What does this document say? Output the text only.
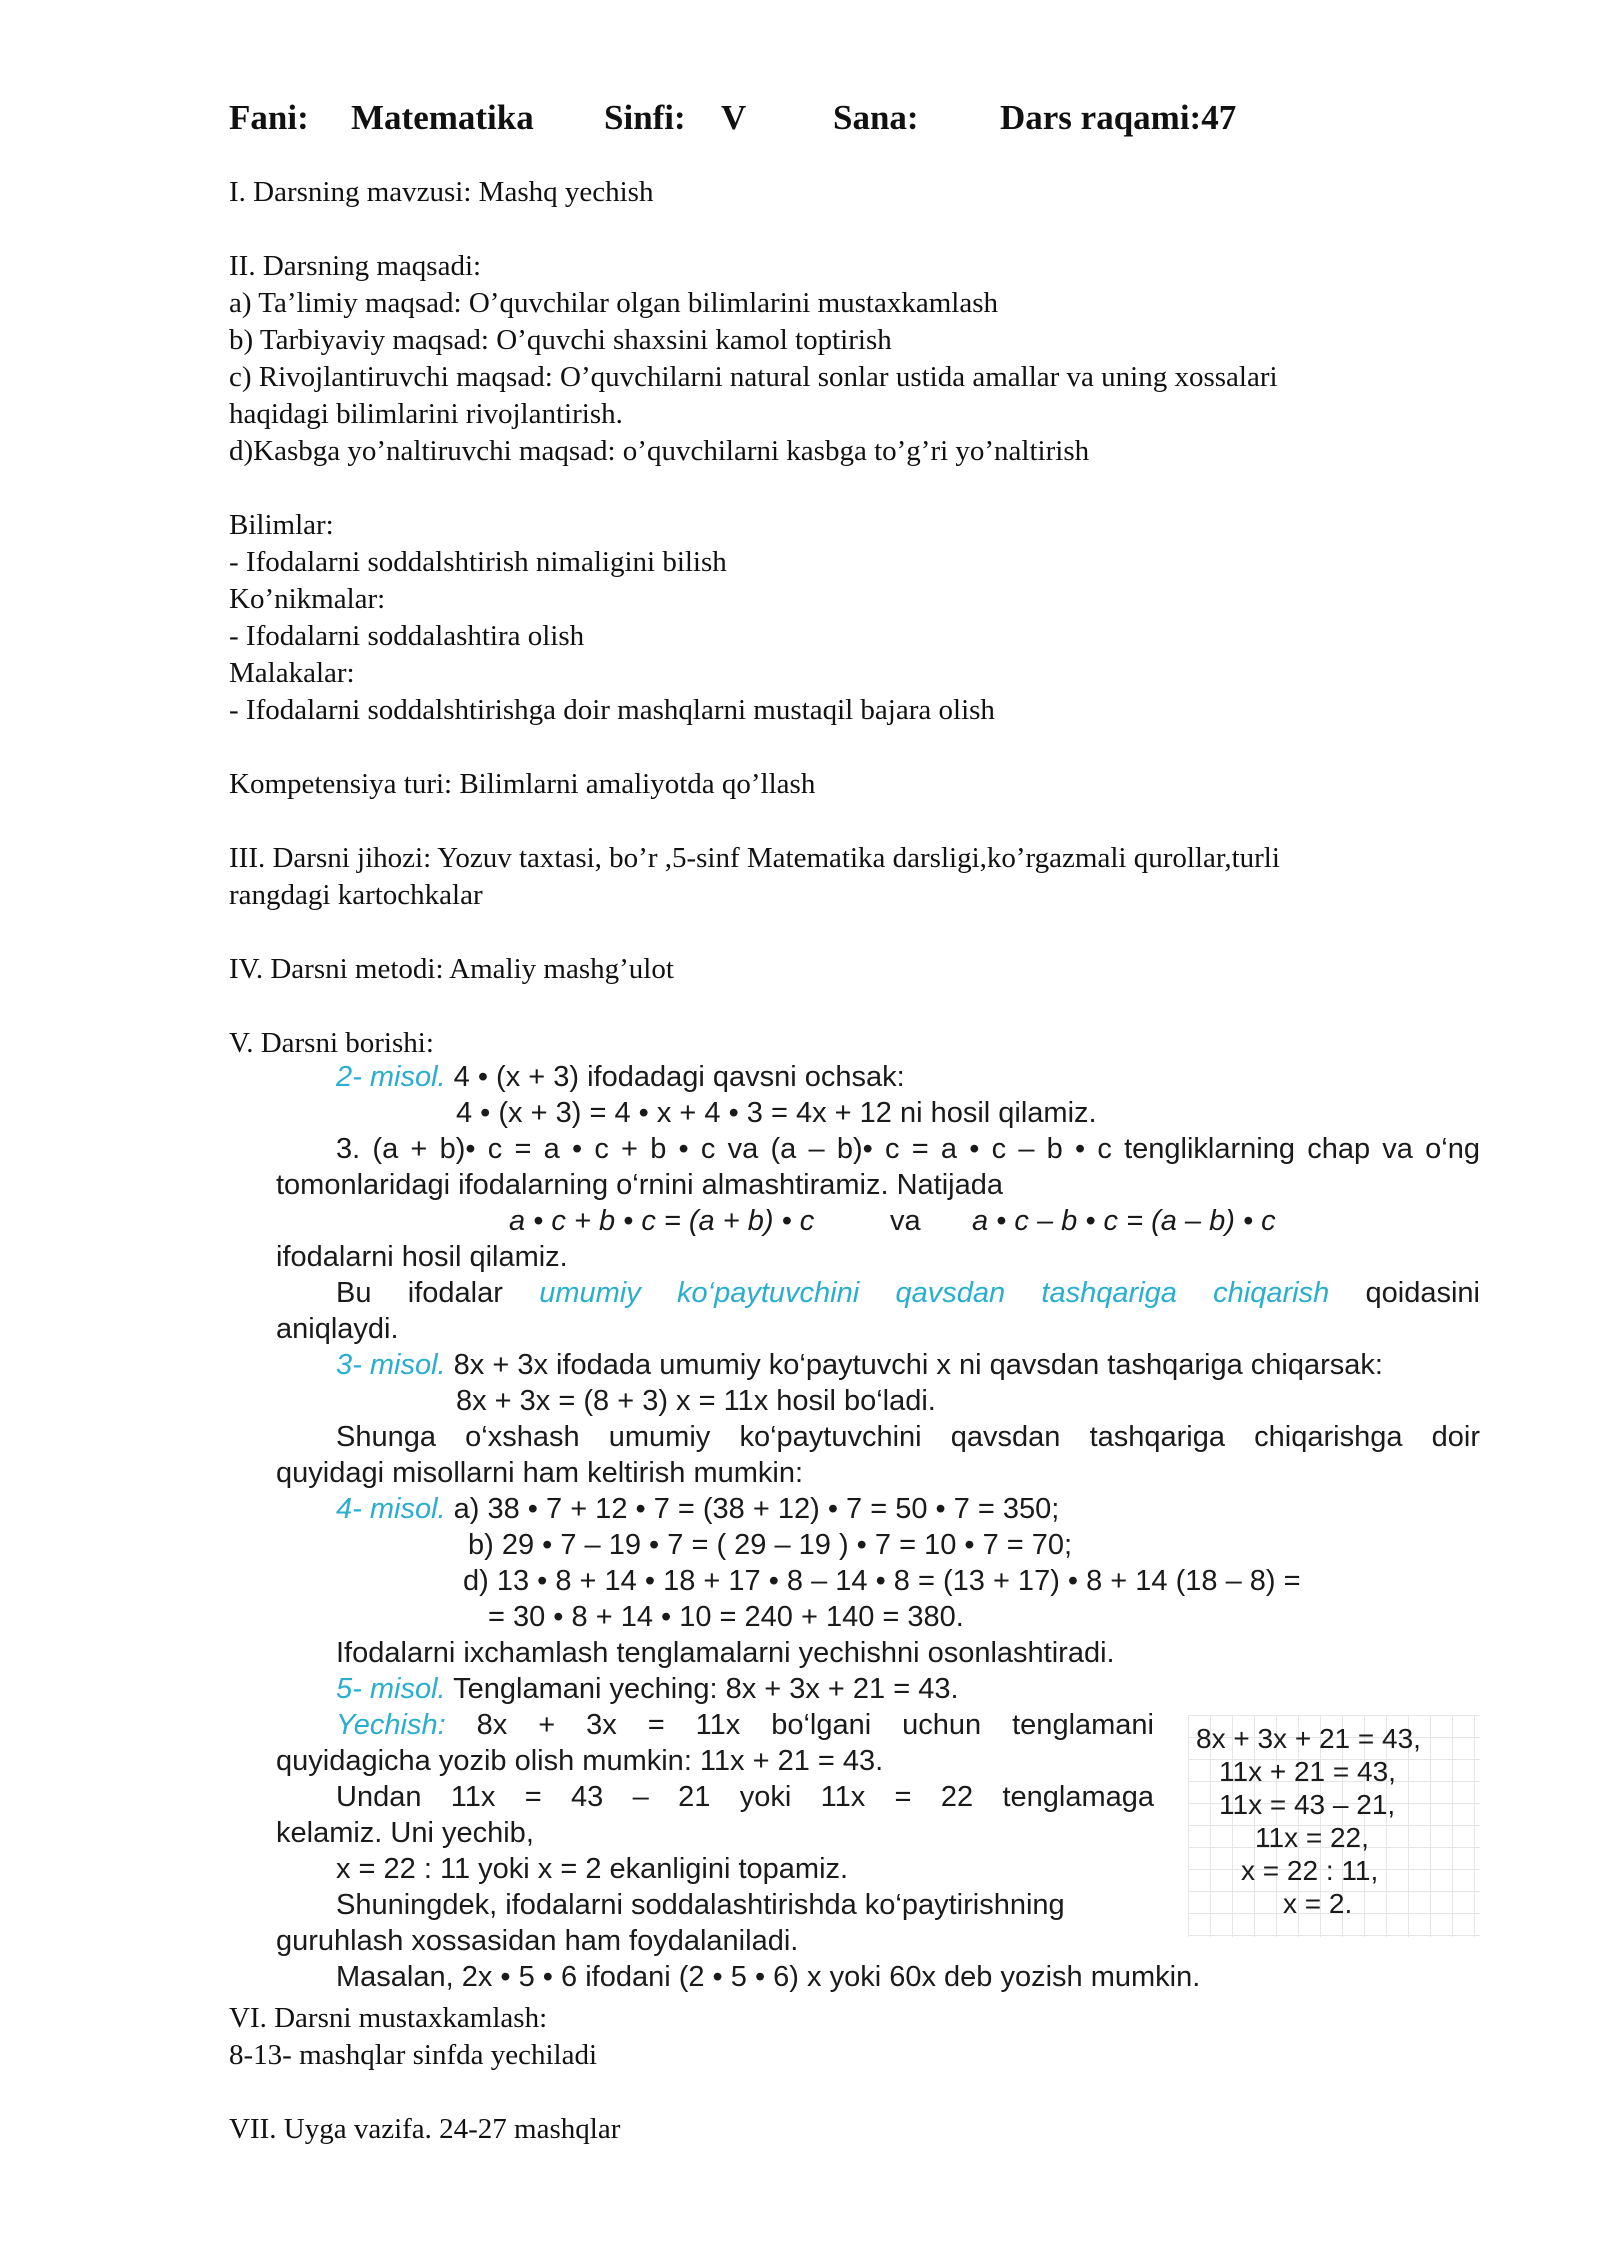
Fani: Matematika Sinfi: V Sana: Dars raqami:47
I. Darsning mavzusi: Mashq yechish
II. Darsning maqsadi:
a) Ta’limiy maqsad: O’quvchilar olgan bilimlarini mustaxkamlash
b) Tarbiyaviy maqsad: O’quvchi shaxsini kamol toptirish
c) Rivojlantiruvchi maqsad: O’quvchilarni natural sonlar ustida amallar va uning xossalari
haqidagi bilimlarini rivojlantirish.
d)Kasbga yo’naltiruvchi maqsad: o’quvchilarni kasbga to’g’ri yo’naltirish
Bilimlar:
- Ifodalarni soddalshtirish nimaligini bilish
Ko’nikmalar:
- Ifodalarni soddalashtira olish
Malakalar:
- Ifodalarni soddalshtirishga doir mashqlarni mustaqil bajara olish
Kompetensiya turi: Bilimlarni amaliyotda qo’llash
III. Darsni jihozi: Yozuv taxtasi, bo’r ,5-sinf Matematika darsligi,ko’rgazmali qurollar,turli
rangdagi kartochkalar
IV. Darsni metodi: Amaliy mashg’ulot
V. Darsni borishi:
2- misol. 4 • (x + 3) ifodadagi qavsni ochsak:
4 • (x + 3) = 4 • x + 4 • 3 = 4x + 12 ni hosil qilamiz.
3. (a + b)• c = a • c + b • c va (a – b)• c = a • c – b • c tengliklarning chap va o‘ng
tomonlaridagi ifodalarning o‘rnini almashtiramiz. Natijada
a • c + b • c = (a + b) • c	va a • c – b • c = (a – b) • c
ifodalarni hosil qilamiz.
Bu ifodalar umumiy ko‘paytuvchini qavsdan tashqariga chiqarish qoidasini
aniqlaydi.
3- misol. 8x + 3x ifodada umumiy ko‘paytuvchi x ni qavsdan tashqariga chiqarsak:
8x + 3x = (8 + 3) x = 11x hosil bo‘ladi.
Shunga o‘xshash umumiy ko‘paytuvchini qavsdan tashqariga chiqarishga doir
quyidagi misollarni ham keltirish mumkin:
4- misol. a) 38 • 7 + 12 • 7 = (38 + 12) • 7 = 50 • 7 = 350;
b) 29 • 7 – 19 • 7 = ( 29 – 19 ) • 7 = 10 • 7 = 70;
d) 13 • 8 + 14 • 18 + 17 • 8 – 14 • 8 = (13 + 17) • 8 + 14 (18 – 8) =
= 30 • 8 + 14 • 10 = 240 + 140 = 380.
Ifodalarni ixchamlash tenglamalarni yechishni osonlashtiradi.
5- misol. Tenglamani yeching: 8x + 3x + 21 = 43.
Yechish: 8x + 3x = 11x bo‘lgani uchun tenglamani
quyidagicha yozib olish mumkin: 11x + 21 = 43.
Undan 11x = 43 – 21 yoki 11x = 22 tenglamaga
kelamiz. Uni yechib,
x = 22 : 11 yoki x = 2 ekanligini topamiz.
Shuningdek, ifodalarni soddalashtirishda ko‘paytirishning
guruhlash xossasidan ham foydalaniladi.
Masalan, 2x • 5 • 6 ifodani (2 • 5 • 6) x yoki 60x deb yozish mumkin.
8x + 3x + 21 = 43,
11x + 21 = 43,
11x = 43 – 21,
11x = 22,
x = 22 : 11,
x = 2.
VI. Darsni mustaxkamlash:
8-13- mashqlar sinfda yechiladi
VII. Uyga vazifa. 24-27 mashqlar
